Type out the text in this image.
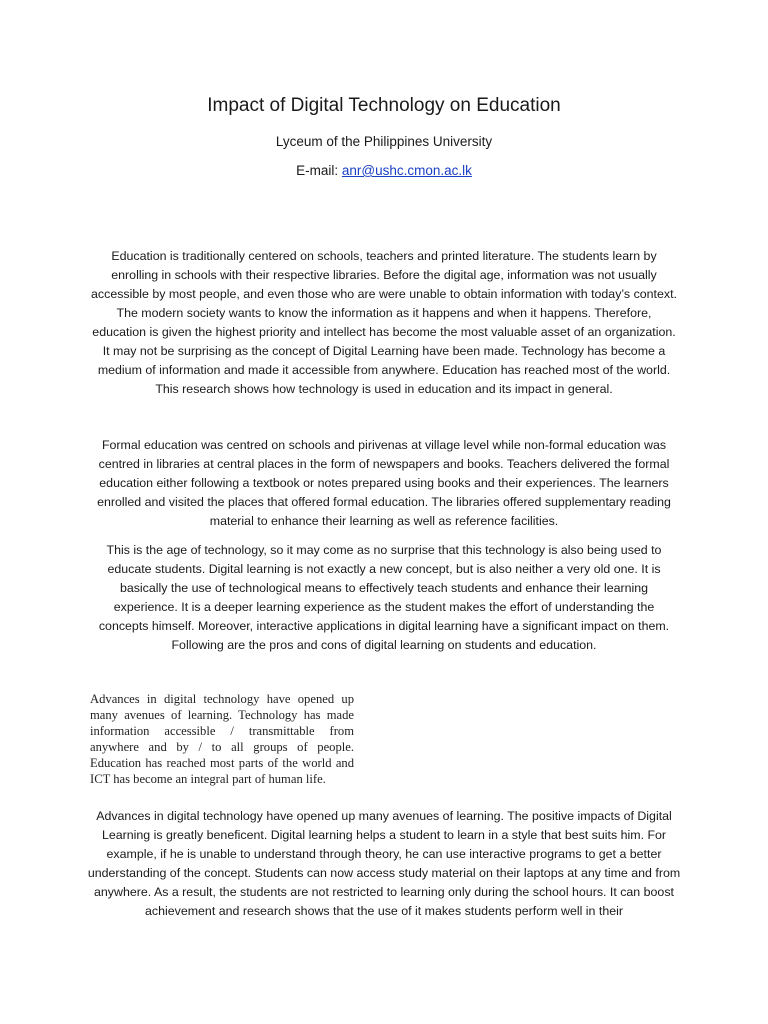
Impact of Digital Technology on Education
Lyceum of the Philippines University
E-mail: anr@ushc.cmon.ac.lk

Education is traditionally centered on schools, teachers and printed literature. The students learn by enrolling in schools with their respective libraries. Before the digital age, information was not usually accessible by most people, and even those who are were unable to obtain information with today’s context. The modern society wants to know the information as it happens and when it happens. Therefore, education is given the highest priority and intellect has become the most valuable asset of an organization. It may not be surprising as the concept of Digital Learning have been made. Technology has become a medium of information and made it accessible from anywhere. Education has reached most of the world. This research shows how technology is used in education and its impact in general.

Formal education was centred on schools and pirivenas at village level while non-formal education was centred in libraries at central places in the form of newspapers and books. Teachers delivered the formal education either following a textbook or notes prepared using books and their experiences. The learners enrolled and visited the places that offered formal education. The libraries offered supplementary reading material to enhance their learning as well as reference facilities.

This is the age of technology, so it may come as no surprise that this technology is also being used to educate students. Digital learning is not exactly a new concept, but is also neither a very old one. It is basically the use of technological means to effectively teach students and enhance their learning experience. It is a deeper learning experience as the student makes the effort of understanding the concepts himself. Moreover, interactive applications in digital learning have a significant impact on them. Following are the pros and cons of digital learning on students and education.

Advances in digital technology have opened up many avenues of learning. Technology has made information accessible / transmittable from anywhere and by / to all groups of people. Education has reached most parts of the world and ICT has become an integral part of human life.

Advances in digital technology have opened up many avenues of learning. The positive impacts of Digital Learning is greatly beneficent. Digital learning helps a student to learn in a style that best suits him. For example, if he is unable to understand through theory, he can use interactive programs to get a better understanding of the concept. Students can now access study material on their laptops at any time and from anywhere. As a result, the students are not restricted to learning only during the school hours. It can boost achievement and research shows that the use of it makes students perform well in their
